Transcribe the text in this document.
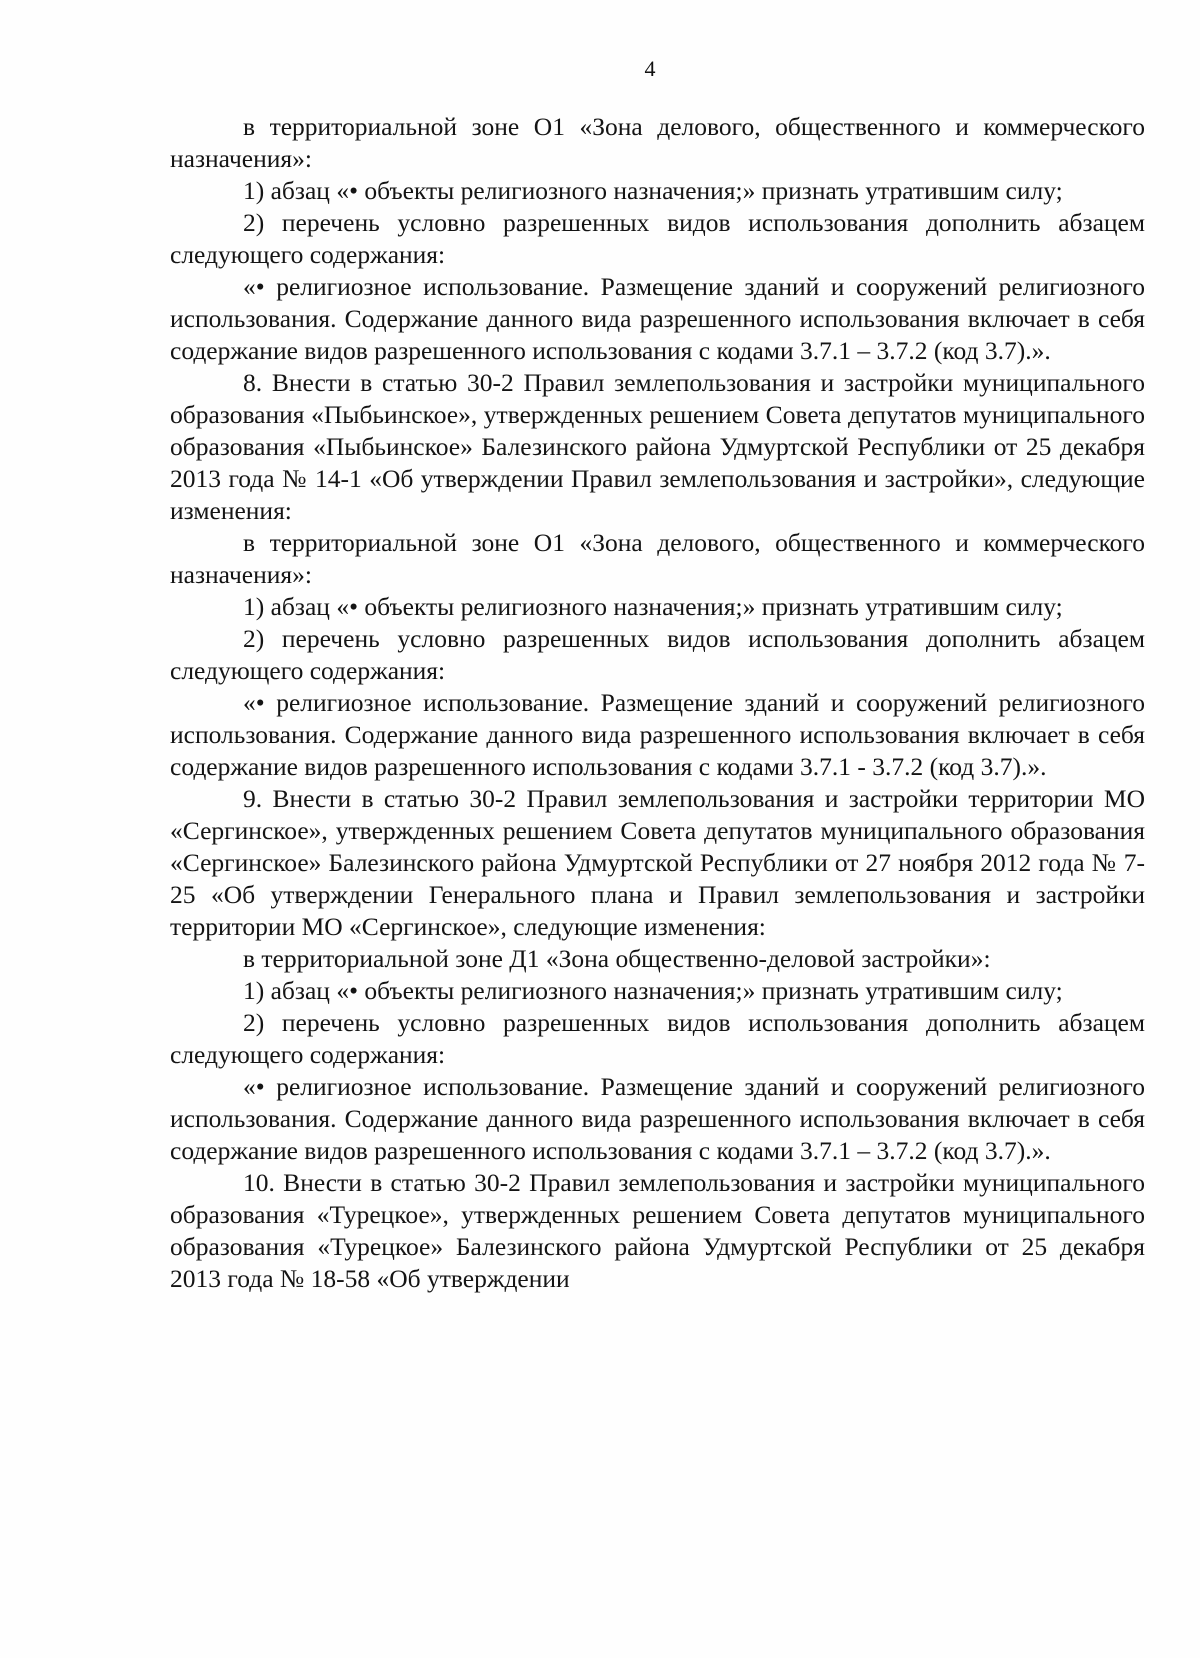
4

в территориальной зоне О1 «Зона делового, общественного и коммерческого назначения»:

1) абзац «• объекты религиозного назначения;» признать утратившим силу;

2) перечень условно разрешенных видов использования дополнить абзацем следующего содержания:

«• религиозное использование. Размещение зданий и сооружений религиозного использования. Содержание данного вида разрешенного использования включает в себя содержание видов разрешенного использования с кодами 3.7.1 – 3.7.2 (код 3.7).».

8. Внести в статью 30-2 Правил землепользования и застройки муниципального образования «Пыбьинское», утвержденных решением Совета депутатов муниципального образования «Пыбьинское» Балезинского района Удмуртской Республики от 25 декабря 2013 года № 14-1 «Об утверждении Правил землепользования и застройки», следующие изменения:

в территориальной зоне О1 «Зона делового, общественного и коммерческого назначения»:

1) абзац «• объекты религиозного назначения;» признать утратившим силу;

2) перечень условно разрешенных видов использования дополнить абзацем следующего содержания:

«• религиозное использование. Размещение зданий и сооружений религиозного использования. Содержание данного вида разрешенного использования включает в себя содержание видов разрешенного использования с кодами 3.7.1 - 3.7.2 (код 3.7).».

9. Внести в статью 30-2 Правил землепользования и застройки территории МО «Сергинское», утвержденных решением Совета депутатов муниципального образования «Сергинское» Балезинского района Удмуртской Республики от 27 ноября 2012 года № 7-25 «Об утверждении Генерального плана и Правил землепользования и застройки территории МО «Сергинское», следующие изменения:

в территориальной зоне Д1 «Зона общественно-деловой застройки»:

1) абзац «• объекты религиозного назначения;» признать утратившим силу;

2) перечень условно разрешенных видов использования дополнить абзацем следующего содержания:

«• религиозное использование. Размещение зданий и сооружений религиозного использования. Содержание данного вида разрешенного использования включает в себя содержание видов разрешенного использования с кодами 3.7.1 – 3.7.2 (код 3.7).».

10. Внести в статью 30-2 Правил землепользования и застройки муниципального образования «Турецкое», утвержденных решением Совета депутатов муниципального образования «Турецкое» Балезинского района Удмуртской Республики от 25 декабря 2013 года № 18-58 «Об утверждении
